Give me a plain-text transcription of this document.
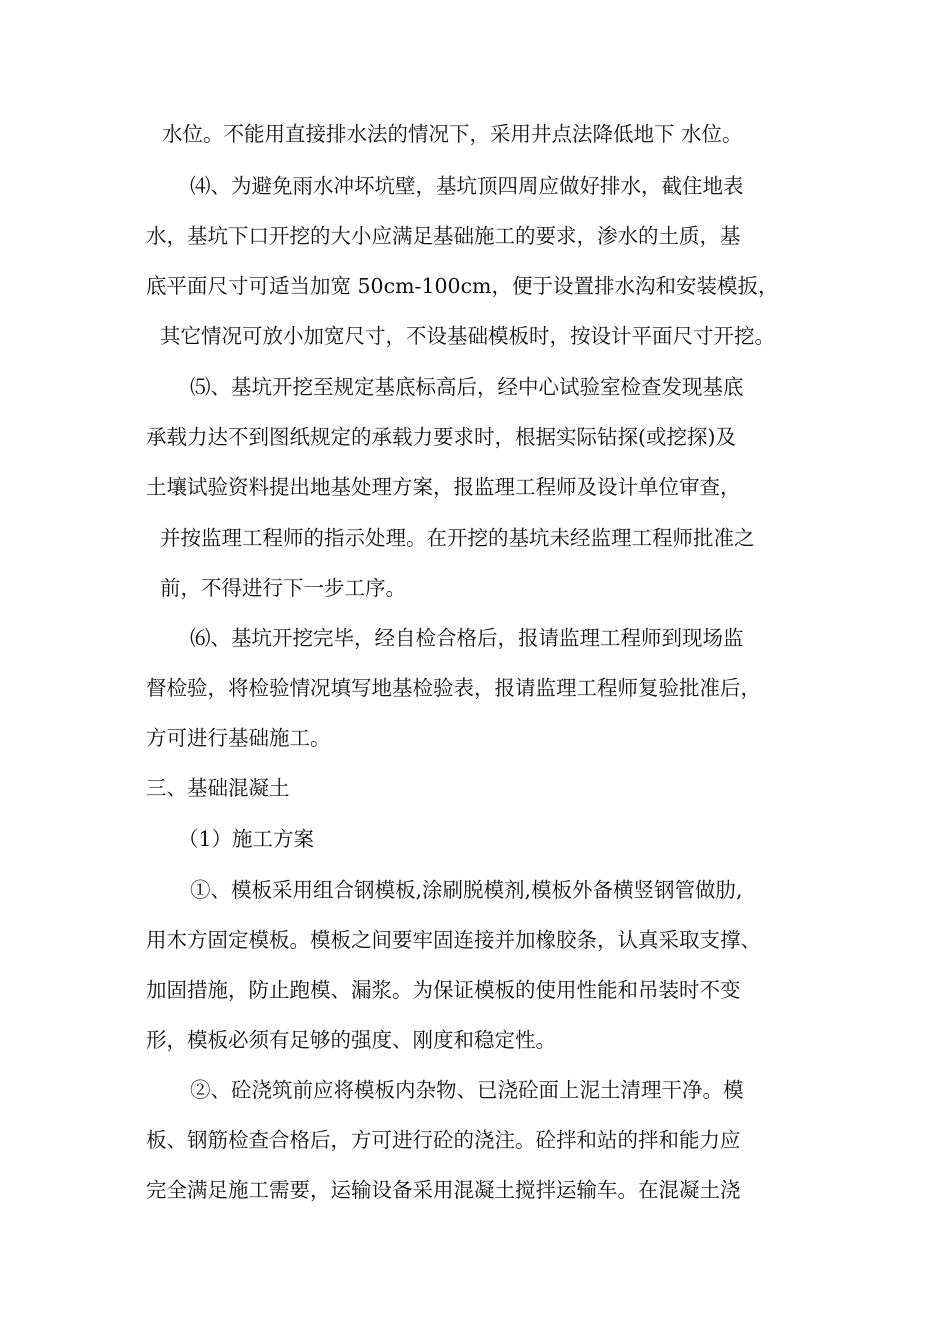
水位。不能用直接排水法的情况下，采用井点法降低地下 水位。
⑷、为避免雨水冲坏坑壁，基坑顶四周应做好排水，截住地表
水，基坑下口开挖的大小应满足基础施工的要求，渗水的土质，基
底平面尺寸可适当加宽 50cm-100cm，便于设置排水沟和安装模扳，
其它情况可放小加宽尺寸，不设基础模板时，按设计平面尺寸开挖。
⑸、基坑开挖至规定基底标高后，经中心试验室检查发现基底
承载力达不到图纸规定的承载力要求时，根据实际钻探(或挖探)及
土壤试验资料提出地基处理方案，报监理工程师及设计单位审查，
并按监理工程师的指示处理。在开挖的基坑未经监理工程师批准之
前，不得进行下一步工序。
⑹、基坑开挖完毕，经自检合格后，报请监理工程师到现场监
督检验，将检验情况填写地基检验表，报请监理工程师复验批准后，
方可进行基础施工。
三、基础混凝土
（1）施工方案
①、模板采用组合钢模板,涂刷脱模剂,模板外备横竖钢管做肋,
用木方固定模板。模板之间要牢固连接并加橡胶条，认真采取支撑、
加固措施，防止跑模、漏浆。为保证模板的使用性能和吊装时不变
形，模板必须有足够的强度、刚度和稳定性。
②、砼浇筑前应将模板内杂物、已浇砼面上泥土清理干净。模
板、钢筋检查合格后，方可进行砼的浇注。砼拌和站的拌和能力应
完全满足施工需要，运输设备采用混凝土搅拌运输车。在混凝土浇
